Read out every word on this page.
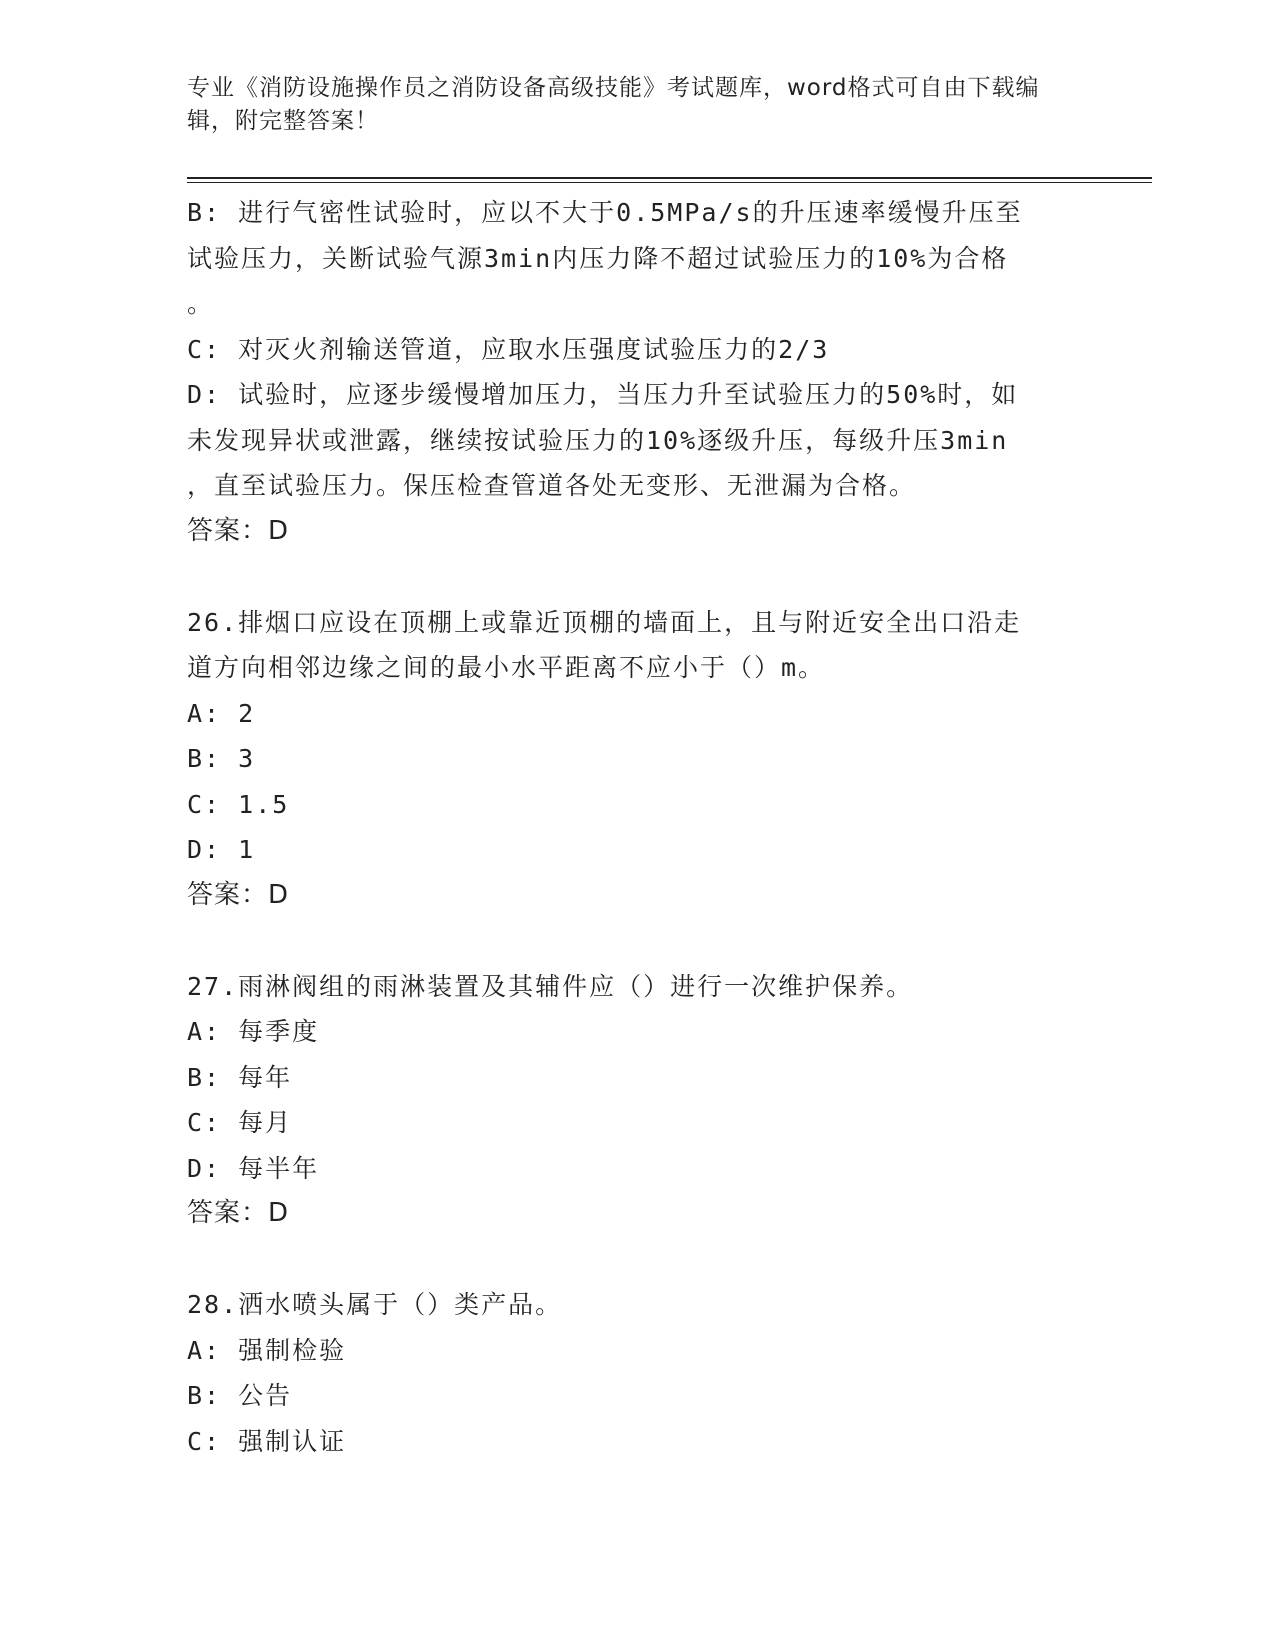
专业《消防设施操作员之消防设备高级技能》考试题库，word格式可自由下载编
辑，附完整答案！
B: 进行气密性试验时，应以不大于0.5MPa/s的升压速率缓慢升压至
试验压力，关断试验气源3min内压力降不超过试验压力的10%为合格
。
C: 对灭火剂输送管道，应取水压强度试验压力的2/3
D: 试验时，应逐步缓慢增加压力，当压力升至试验压力的50%时，如
未发现异状或泄露，继续按试验压力的10%逐级升压，每级升压3min
，直至试验压力。保压检查管道各处无变形、无泄漏为合格。
答案：D
26.排烟口应设在顶棚上或靠近顶棚的墙面上，且与附近安全出口沿走
道方向相邻边缘之间的最小水平距离不应小于（）m。
A: 2
B: 3
C: 1.5
D: 1
答案：D
27.雨淋阀组的雨淋装置及其辅件应（）进行一次维护保养。
A: 每季度
B: 每年
C: 每月
D: 每半年
答案：D
28.洒水喷头属于（）类产品。
A: 强制检验
B: 公告
C: 强制认证
